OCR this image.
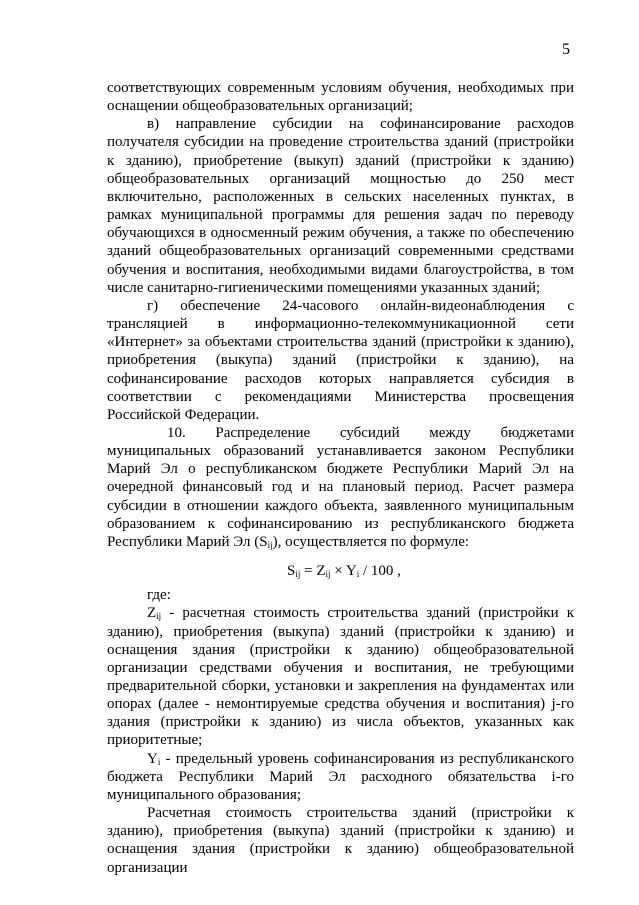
5

соответствующих современным условиям обучения, необходимых при оснащении общеобразовательных организаций;

в) направление субсидии на софинансирование расходов получателя субсидии на проведение строительства зданий (пристройки к зданию), приобретение (выкуп) зданий (пристройки к зданию) общеобразовательных организаций мощностью до 250 мест включительно, расположенных в сельских населенных пунктах, в рамках муниципальной программы для решения задач по переводу обучающихся в односменный режим обучения, а также по обеспечению зданий общеобразовательных организаций современными средствами обучения и воспитания, необходимыми видами благоустройства, в том числе санитарно-гигиеническими помещениями указанных зданий;

г) обеспечение 24-часового онлайн-видеонаблюдения с трансляцией в информационно-телекоммуникационной сети «Интернет» за объектами строительства зданий (пристройки к зданию), приобретения (выкупа) зданий (пристройки к зданию), на софинансирование расходов которых направляется субсидия в соответствии с рекомендациями Министерства просвещения Российской Федерации.

10. Распределение субсидий между бюджетами муниципальных образований устанавливается законом Республики Марий Эл о республиканском бюджете Республики Марий Эл на очередной финансовый год и на плановый период. Расчет размера субсидии в отношении каждого объекта, заявленного муниципальным образованием к софинансированию из республиканского бюджета Республики Марий Эл $(S_{ij})$, осуществляется по формуле:

$S_{ij} = Z_{ij} \times Y_i / 100$ ,

где:

$Z_{ij}$ - расчетная стоимость строительства зданий (пристройки к зданию), приобретения (выкупа) зданий (пристройки к зданию) и оснащения здания (пристройки к зданию) общеобразовательной организации средствами обучения и воспитания, не требующими предварительной сборки, установки и закрепления на фундаментах или опорах (далее - немонтируемые средства обучения и воспитания) j-го здания (пристройки к зданию) из числа объектов, указанных как приоритетные;

$Y_i$ - предельный уровень софинансирования из республиканского бюджета Республики Марий Эл расходного обязательства i-го муниципального образования;

Расчетная стоимость строительства зданий (пристройки к зданию), приобретения (выкупа) зданий (пристройки к зданию) и оснащения здания (пристройки к зданию) общеобразовательной организации
